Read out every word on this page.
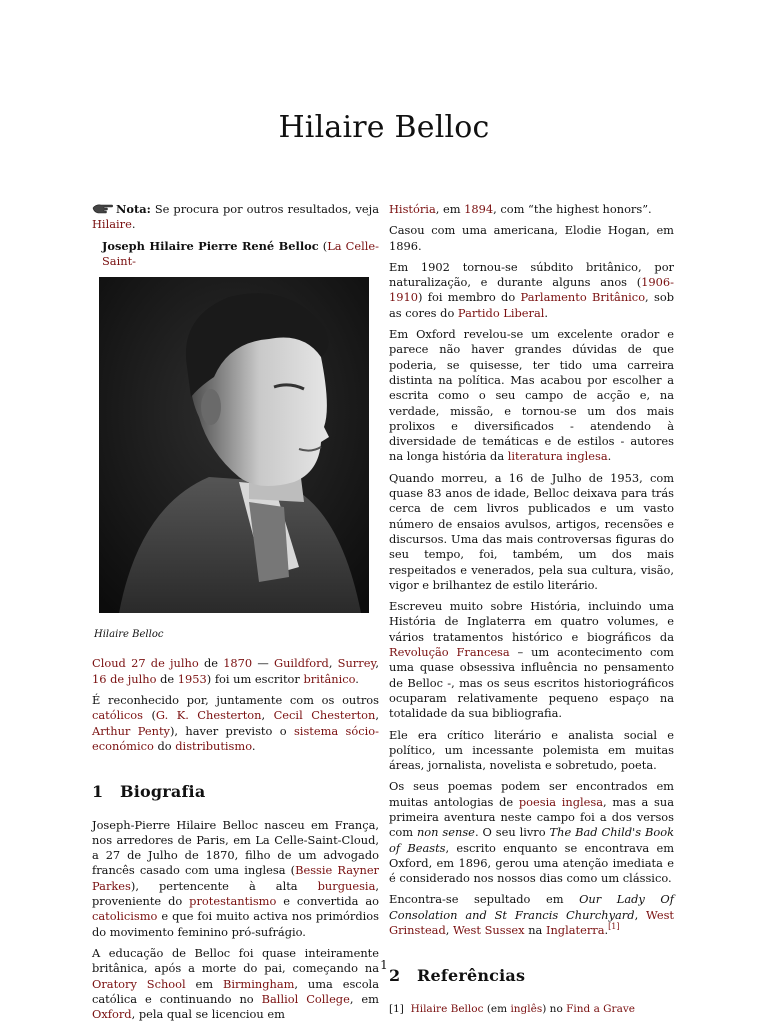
Hilaire Belloc

Nota: Se procura por outros resultados, veja Hilaire.

Joseph Hilaire Pierre René Belloc (La Celle-Saint-

Hilaire Belloc

Cloud 27 de julho de 1870 — Guildford, Surrey, 16 de julho de 1953) foi um escritor britânico.

É reconhecido por, juntamente com os outros católicos (G. K. Chesterton, Cecil Chesterton, Arthur Penty), haver previsto o sistema sócio-económico do distributismo.

1 Biografia

Joseph-Pierre Hilaire Belloc nasceu em França, nos arredores de Paris, em La Celle-Saint-Cloud, a 27 de Julho de 1870, filho de um advogado francês casado com uma inglesa (Bessie Rayner Parkes), pertencente à alta burguesia, proveniente do protestantismo e convertida ao catolicismo e que foi muito activa nos primórdios do movimento feminino pró-sufrágio.

A educação de Belloc foi quase inteiramente britânica, após a morte do pai, começando na Oratory School em Birmingham, uma escola católica e continuando no Balliol College, em Oxford, pela qual se licenciou em

História, em 1894, com “the highest honors”.

Casou com uma americana, Elodie Hogan, em 1896.

Em 1902 tornou-se súbdito britânico, por naturalização, e durante alguns anos (1906-1910) foi membro do Parlamento Britânico, sob as cores do Partido Liberal.

Em Oxford revelou-se um excelente orador e parece não haver grandes dúvidas de que poderia, se quisesse, ter tido uma carreira distinta na política. Mas acabou por escolher a escrita como o seu campo de acção e, na verdade, missão, e tornou-se um dos mais prolixos e diversificados - atendendo à diversidade de temáticas e de estilos - autores na longa história da literatura inglesa.

Quando morreu, a 16 de Julho de 1953, com quase 83 anos de idade, Belloc deixava para trás cerca de cem livros publicados e um vasto número de ensaios avulsos, artigos, recensões e discursos. Uma das mais controversas figuras do seu tempo, foi, também, um dos mais respeitados e venerados, pela sua cultura, visão, vigor e brilhantez de estilo literário.

Escreveu muito sobre História, incluindo uma História de Inglaterra em quatro volumes, e vários tratamentos histórico e biográficos da Revolução Francesa – um acontecimento com uma quase obsessiva influência no pensamento de Belloc -, mas os seus escritos historiográficos ocuparam relativamente pequeno espaço na totalidade da sua bibliografia.

Ele era crítico literário e analista social e político, um incessante polemista em muitas áreas, jornalista, novelista e sobretudo, poeta.

Os seus poemas podem ser encontrados em muitas antologias de poesia inglesa, mas a sua primeira aventura neste campo foi a dos versos com non sense. O seu livro The Bad Child's Book of Beasts, escrito enquanto se encontrava em Oxford, em 1896, gerou uma atenção imediata e é considerado nos nossos dias como um clássico.

Encontra-se sepultado em Our Lady Of Consolation and St Francis Churchyard, West Grinstead, West Sussex na Inglaterra.[1]

2 Referências

[1] Hilaire Belloc (em inglês) no Find a Grave

1
